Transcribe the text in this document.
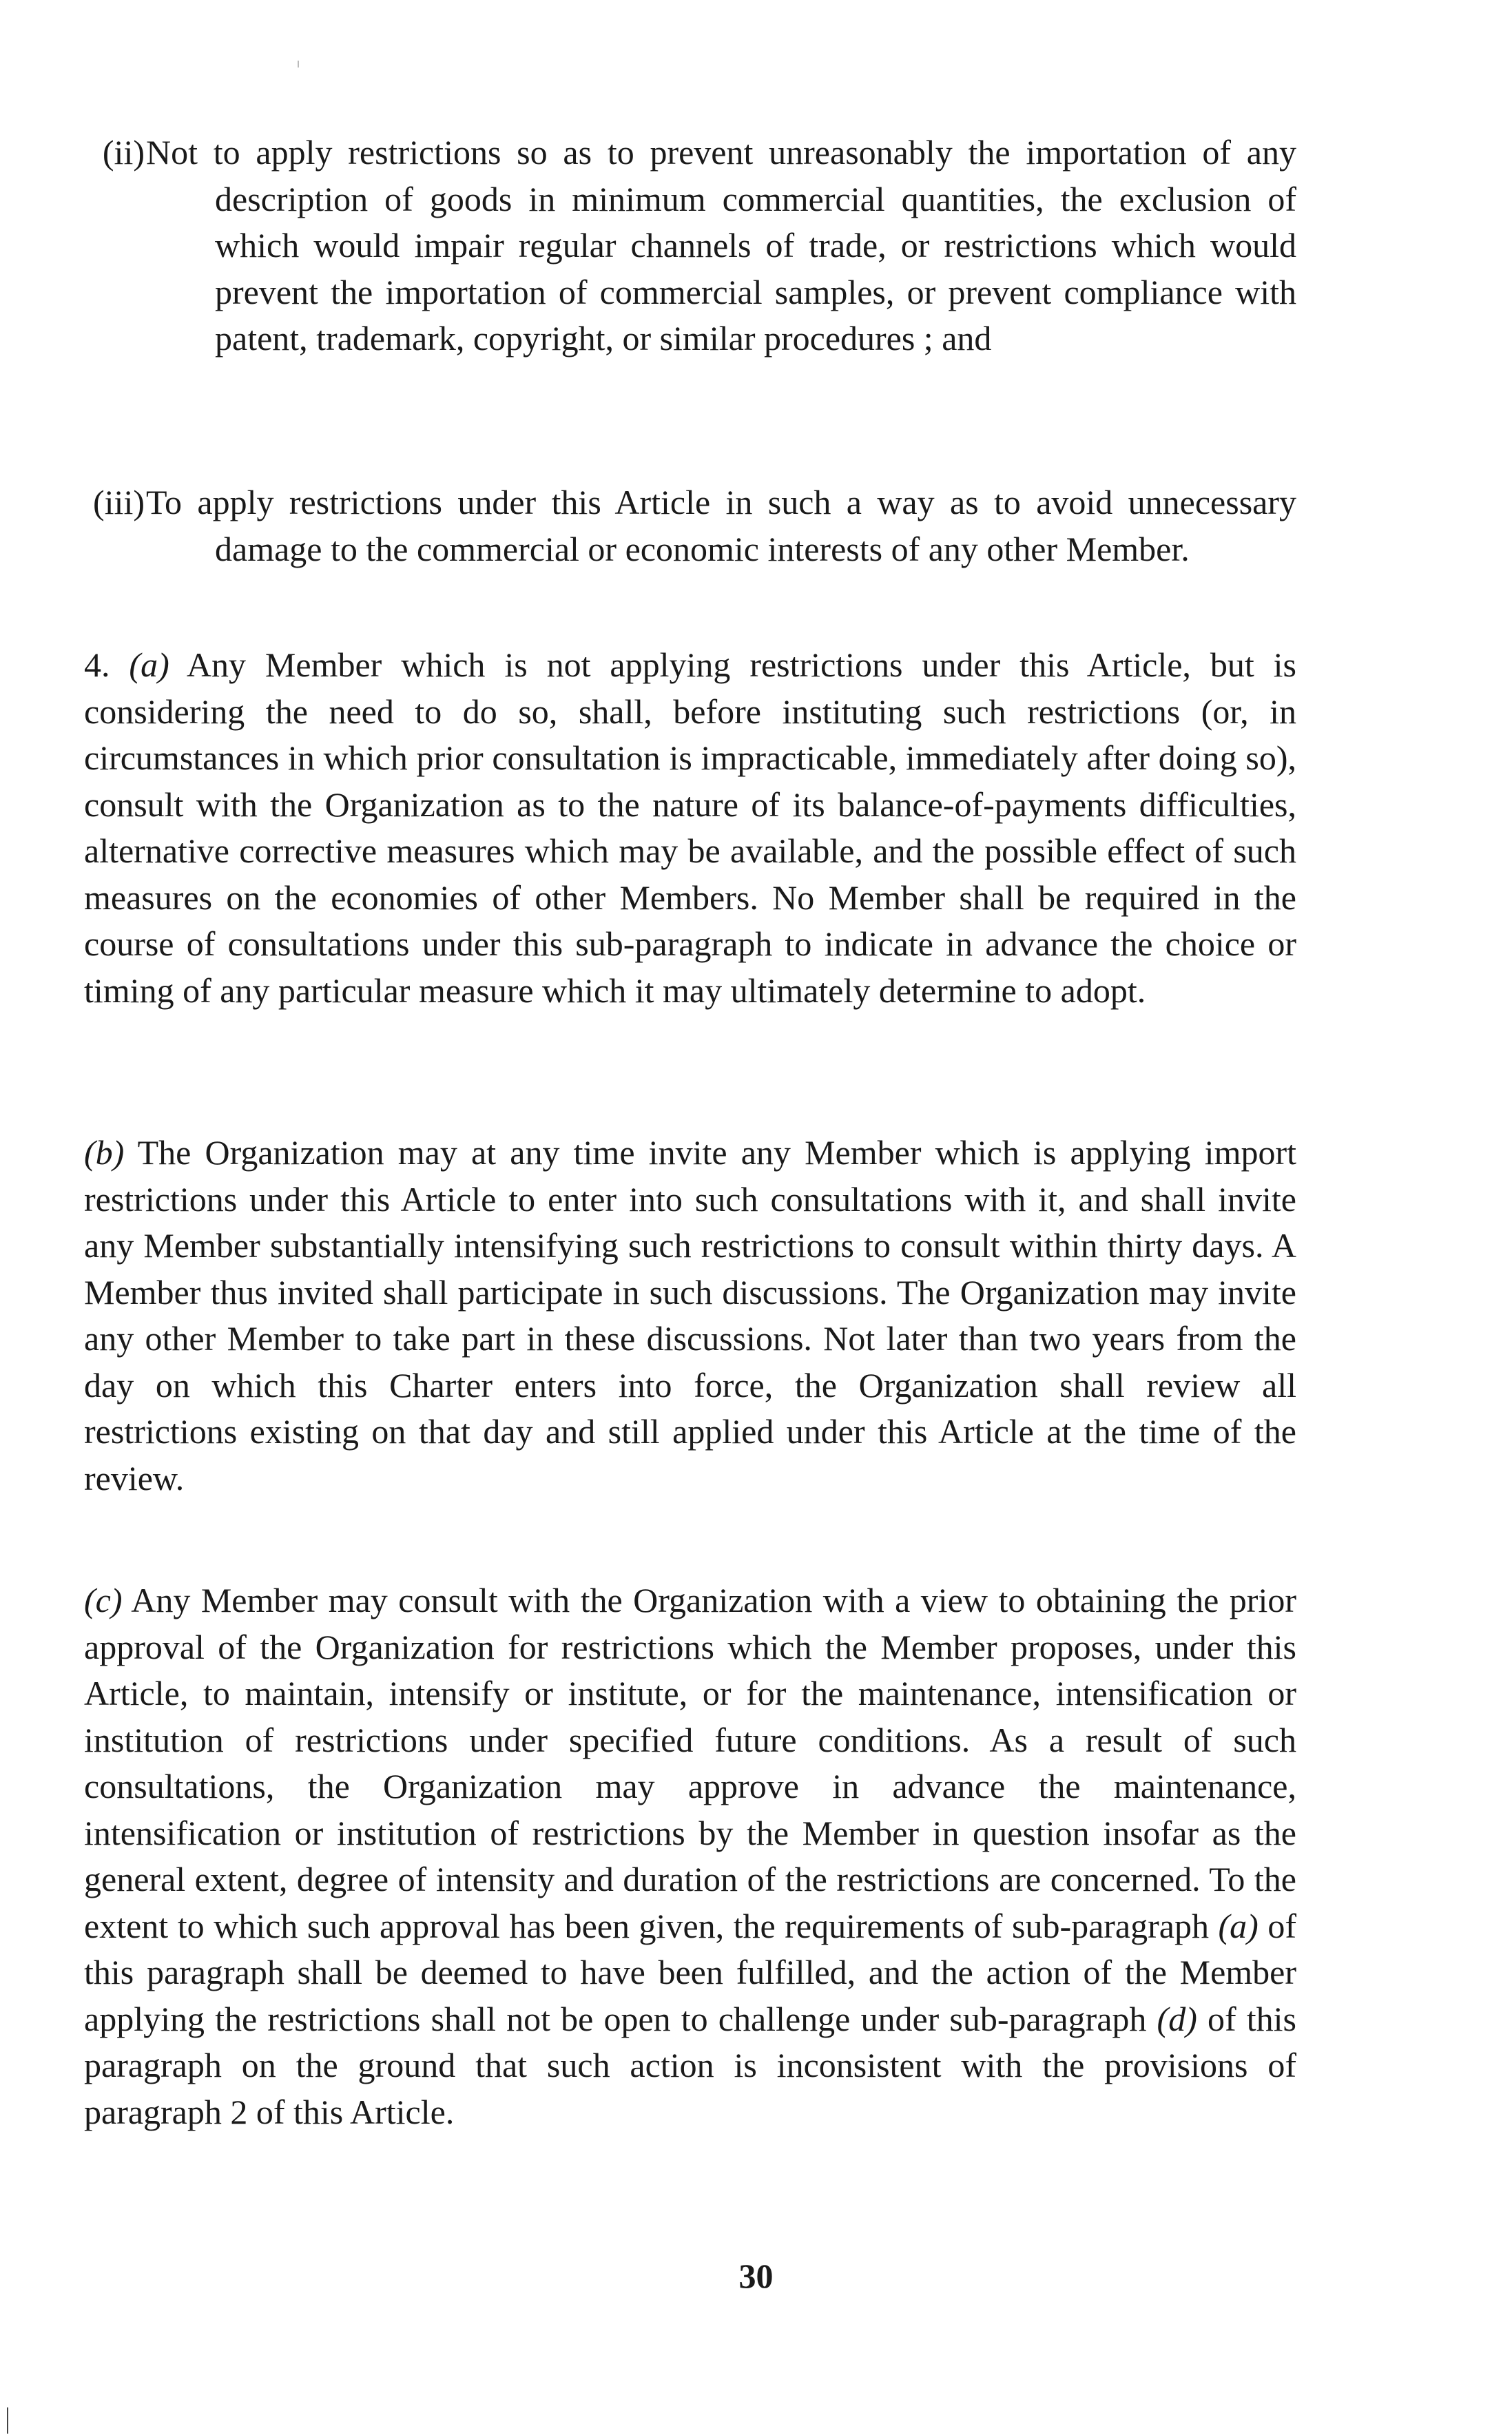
(ii) Not to apply restrictions so as to prevent unreasonably the importation of any description of goods in minimum commercial quantities, the exclusion of which would impair regular channels of trade, or restrictions which would prevent the importation of commercial samples, or prevent compliance with patent, trademark, copyright, or similar procedures ; and
(iii) To apply restrictions under this Article in such a way as to avoid unnecessary damage to the commercial or economic interests of any other Member.

4. (a) Any Member which is not applying restrictions under this Article, but is considering the need to do so, shall, before instituting such restrictions (or, in circumstances in which prior consultation is impracticable, immediately after doing so), consult with the Organization as to the nature of its balance-of-payments difficulties, alternative corrective measures which may be available, and the possible effect of such measures on the economies of other Members. No Member shall be required in the course of consultations under this sub-paragraph to indicate in advance the choice or timing of any particular measure which it may ultimately determine to adopt.

(b) The Organization may at any time invite any Member which is applying import restrictions under this Article to enter into such consultations with it, and shall invite any Member substantially intensifying such restrictions to consult within thirty days. A Member thus invited shall participate in such discussions. The Organization may invite any other Member to take part in these discussions. Not later than two years from the day on which this Charter enters into force, the Organization shall review all restrictions existing on that day and still applied under this Article at the time of the review.

(c) Any Member may consult with the Organization with a view to obtaining the prior approval of the Organization for restrictions which the Member proposes, under this Article, to maintain, intensify or institute, or for the maintenance, intensification or institution of restrictions under specified future conditions. As a result of such consultations, the Organization may approve in advance the maintenance, intensification or institution of restrictions by the Member in question insofar as the general extent, degree of intensity and duration of the restrictions are concerned. To the extent to which such approval has been given, the requirements of sub-paragraph (a) of this paragraph shall be deemed to have been fulfilled, and the action of the Member applying the restrictions shall not be open to challenge under sub-paragraph (d) of this paragraph on the ground that such action is inconsistent with the provisions of paragraph 2 of this Article.

30
